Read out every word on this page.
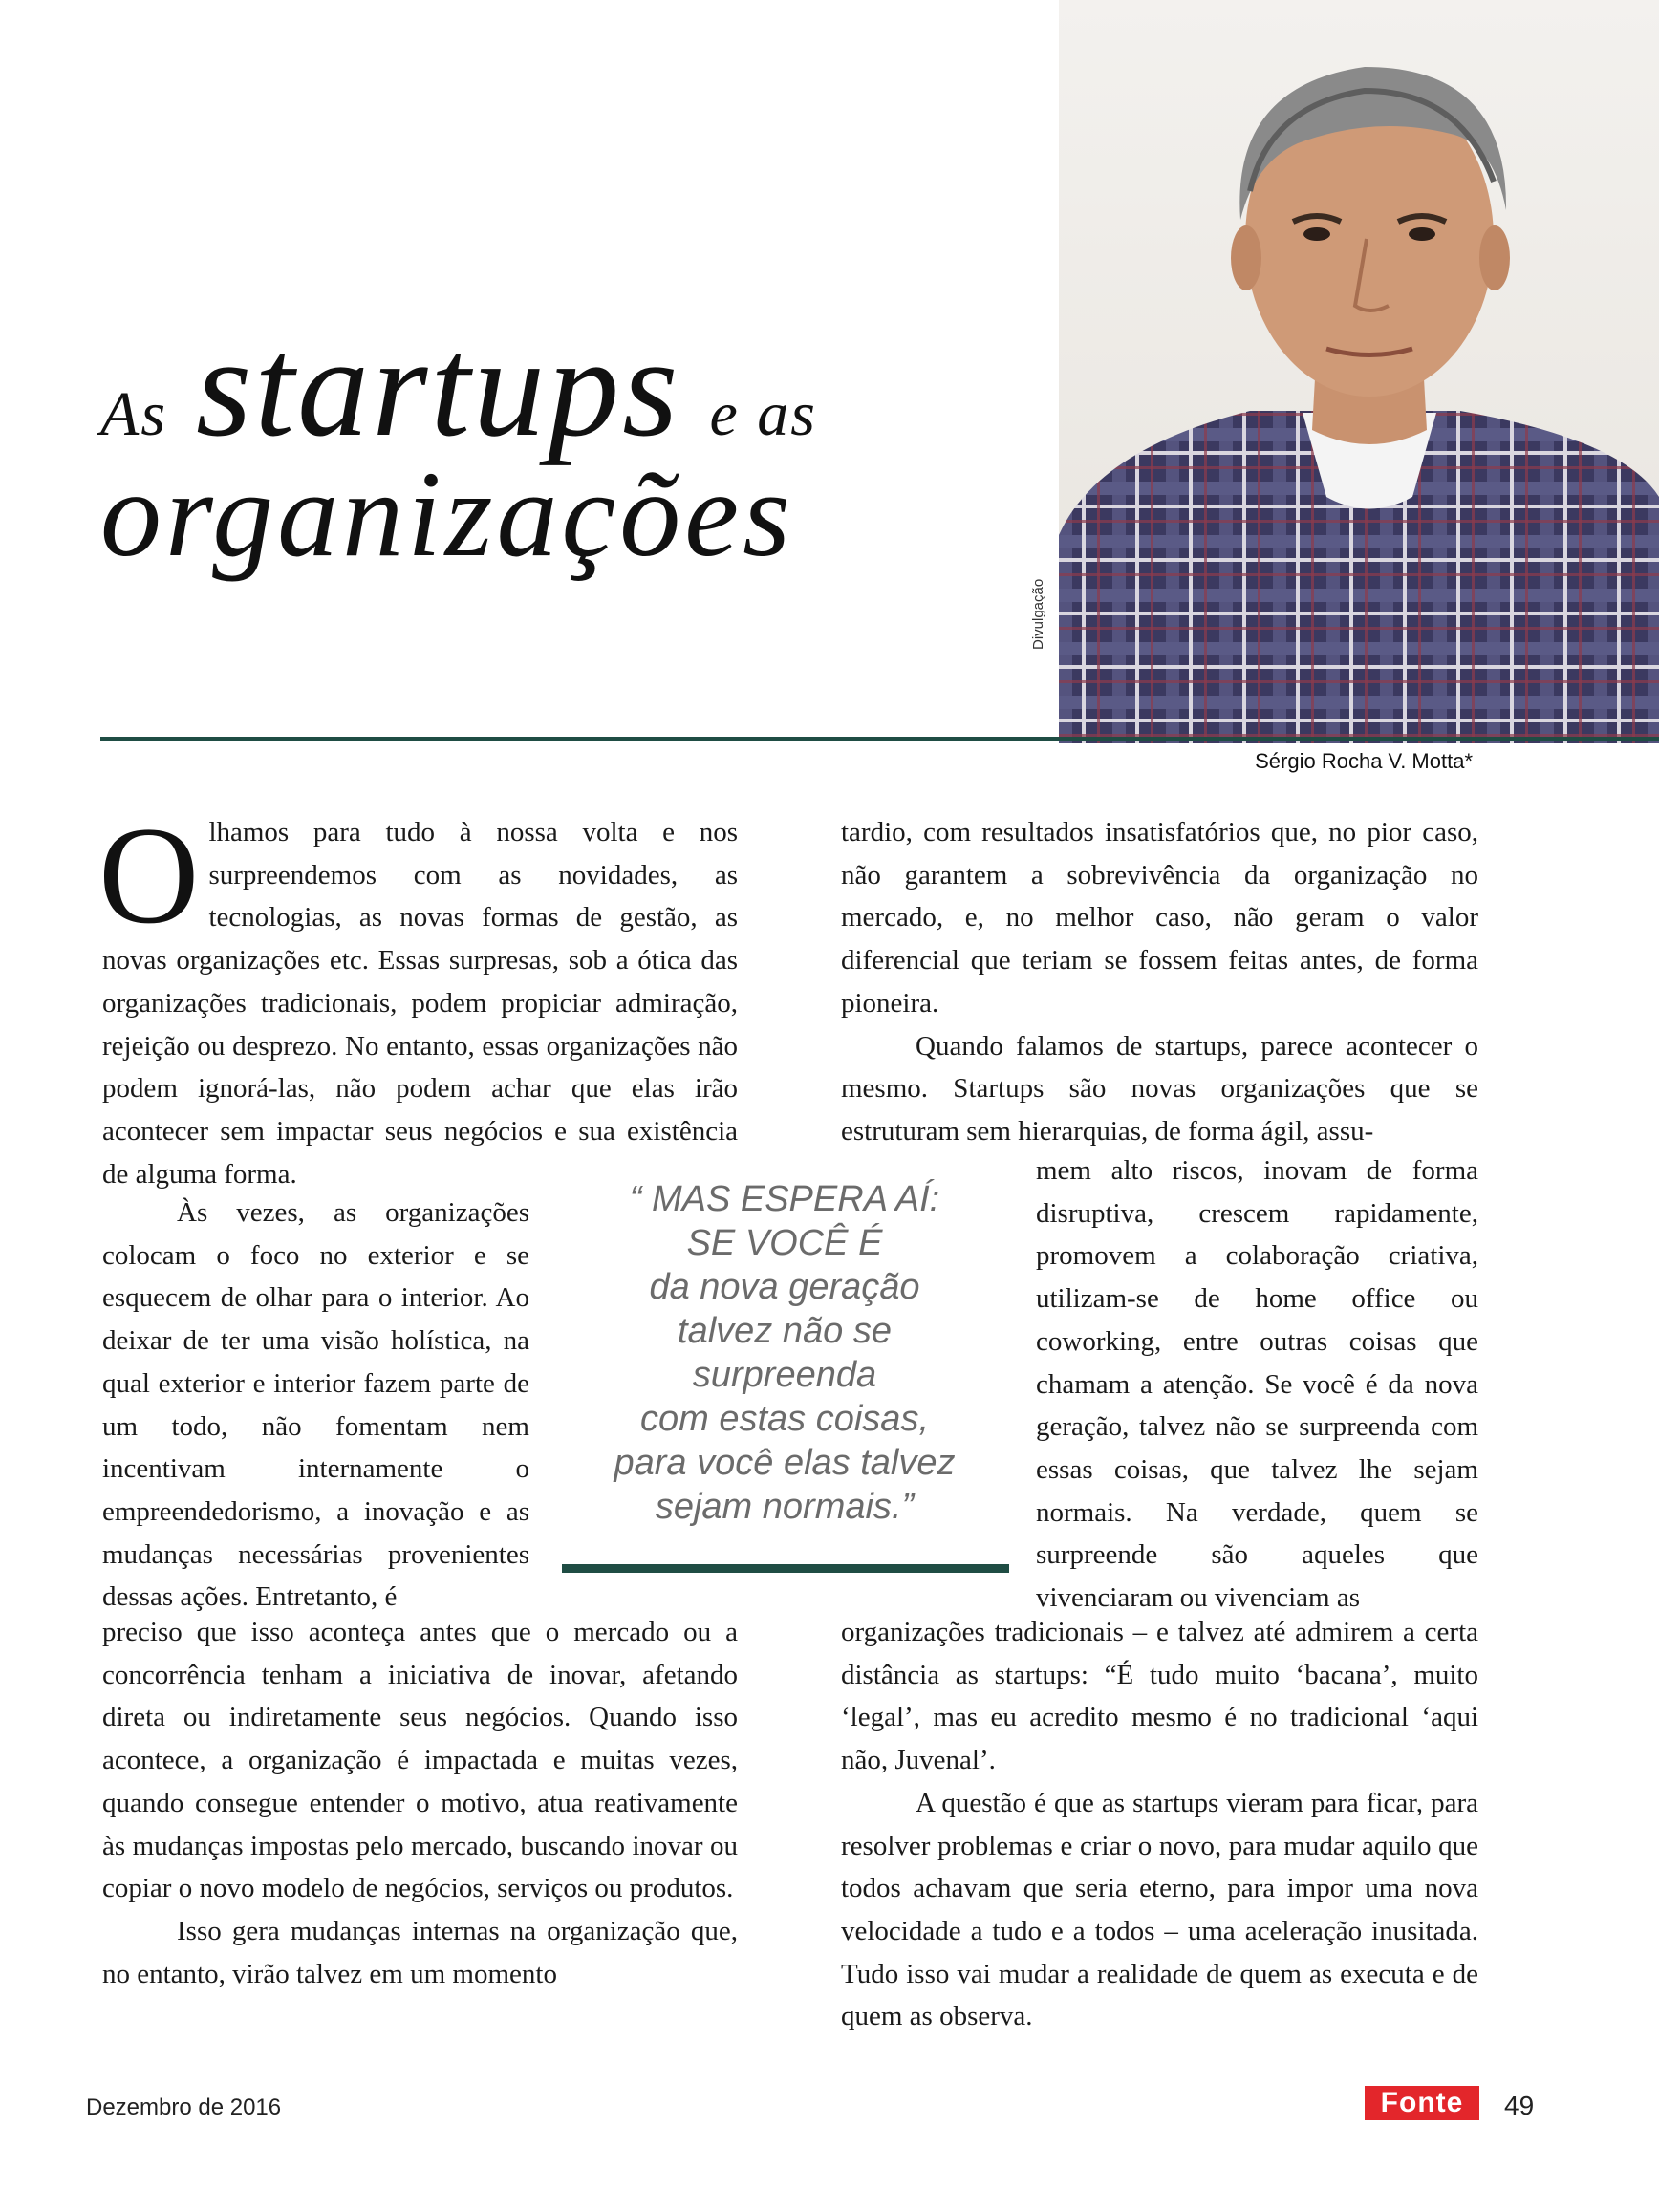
As startups e as
organizações
Divulgação
Sérgio Rocha V. Motta*

Olhamos para tudo à nossa volta e nos surpreendemos com as novidades, as tecnologias, as novas formas de gestão, as novas organizações etc. Essas surpresas, sob a ótica das organizações tradicionais, podem propiciar admiração, rejeição ou desprezo. No entanto, essas organizações não podem ignorá-las, não podem achar que elas irão acontecer sem impactar seus negócios e sua existência de alguma forma.

Às vezes, as organizações colocam o foco no exterior e se esquecem de olhar para o interior. Ao deixar de ter uma visão holística, na qual exterior e interior fazem parte de um todo, não fomentam nem incentivam internamente o empreendedorismo, a inovação e as mudanças necessárias provenientes dessas ações. Entretanto, é

preciso que isso aconteça antes que o mercado ou a concorrência tenham a iniciativa de inovar, afetando direta ou indiretamente seus negócios. Quando isso acontece, a organização é impactada e muitas vezes, quando consegue entender o motivo, atua reativamente às mudanças impostas pelo mercado, buscando inovar ou copiar o novo modelo de negócios, serviços ou produtos.

Isso gera mudanças internas na organização que, no entanto, virão talvez em um momento

tardio, com resultados insatisfatórios que, no pior caso, não garantem a sobrevivência da organização no mercado, e, no melhor caso, não geram o valor diferencial que teriam se fossem feitas antes, de forma pioneira.

Quando falamos de startups, parece acontecer o mesmo. Startups são novas organizações que se estruturam sem hierarquias, de forma ágil, assu-

mem alto riscos, inovam de forma disruptiva, crescem rapidamente, promovem a colaboração criativa, utilizam-se de home office ou coworking, entre outras coisas que chamam a atenção. Se você é da nova geração, talvez não se surpreenda com essas coisas, que talvez lhe sejam normais. Na verdade, quem se surpreende são aqueles que vivenciaram ou vivenciam as

organizações tradicionais – e talvez até admirem a certa distância as startups: “É tudo muito ‘bacana’, muito ‘legal’, mas eu acredito mesmo é no tradicional ‘aqui não, Juvenal’.

A questão é que as startups vieram para ficar, para resolver problemas e criar o novo, para mudar aquilo que todos achavam que seria eterno, para impor uma nova velocidade a tudo e a todos – uma aceleração inusitada. Tudo isso vai mudar a realidade de quem as executa e de quem as observa.

“ MAS ESPERA AÍ:
SE VOCÊ É
da nova geração
talvez não se
surpreenda
com estas coisas,
para você elas talvez
sejam normais.”
Dezembro de 2016	Fonte	49
